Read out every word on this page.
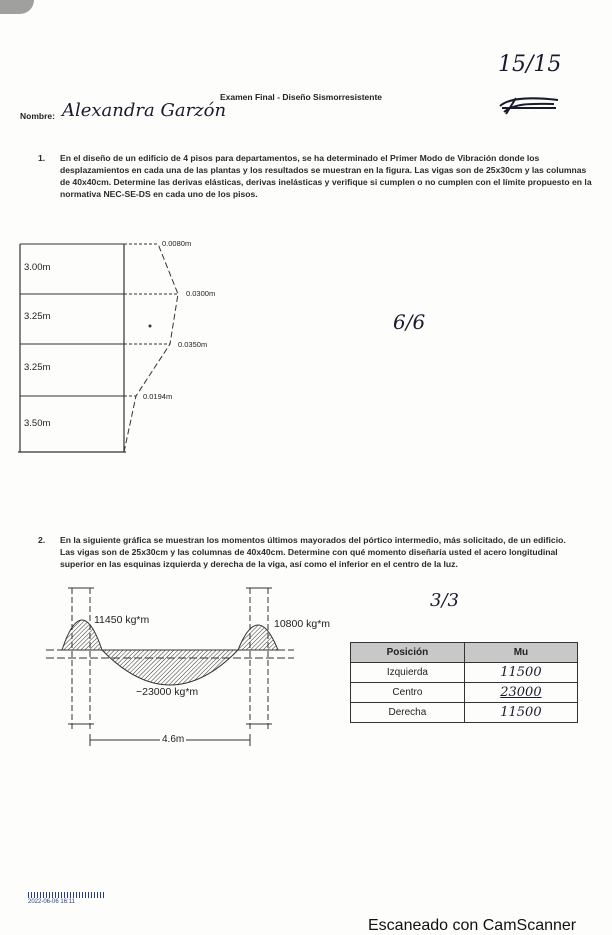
15/15
Examen Final - Diseño Sismorresistente
Nombre: Alexandra Garzón
1. En el diseño de un edificio de 4 pisos para departamentos, se ha determinado el Primer Modo de Vibración donde los desplazamientos en cada una de las plantas y los resultados se muestran en la figura. Las vigas son de 25x30cm y las columnas de 40x40cm. Determine las derivas elásticas, derivas inelásticas y verifique si cumplen o no cumplen con el límite propuesto en la normativa NEC-SE-DS en cada uno de los pisos.
3.00m
3.25m
3.25m
3.50m
0.0080m
0.0300m
0.0350m
0.0194m
6/6
2. En la siguiente gráfica se muestran los momentos últimos mayorados del pórtico intermedio, más solicitado, de un edificio. Las vigas son de 25x30cm y las columnas de 40x40cm. Determine con qué momento diseñaría usted el acero longitudinal superior en las esquinas izquierda y derecha de la viga, así como el inferior en el centro de la luz.
11450 kg*m	10800 kg*m
−23000 kg*m
4.6m
3/3
Posición	Mu
Izquierda	11500
Centro	23000
Derecha	11500
2022-06-06 16:11
Escaneado con CamScanner
